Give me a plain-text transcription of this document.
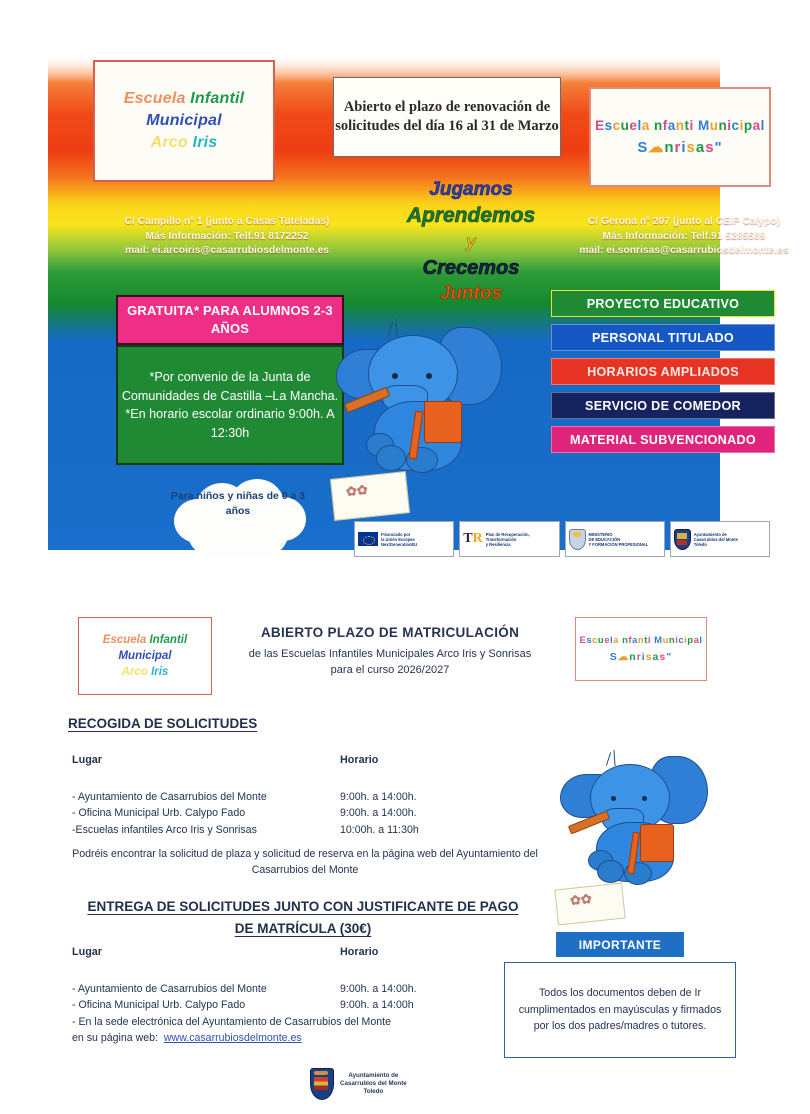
Escuela Infantil
Municipal
Arco Iris

Abierto el plazo de renovación de solicitudes del día 16 al 31 de Marzo	Escuela nfanti Municipal
S☁nrisas"
C/ Campillo nº 1 (junto a Casas Tuteladas)
Más Información: Telf.91 8172252
mail: ei.arcoiris@casarrubiosdelmonte.es
C/ Gerona nº 207 (junto al CEIP Calypo)
Más Información: Telf.91 5285589
mail: ei.sonrisas@casarrubiosdelmonte.es
Jugamos
Aprendemos
y
Crecemos
Juntos

GRATUITA* PARA ALUMNOS 2-3 AÑOS

*Por convenio de la Junta de Comunidades de Castilla –La Mancha. *En horario escolar ordinario 9:00h. A 12:30h

PROYECTO EDUCATIVO
PERSONAL TITULADO
HORARIOS AMPLIADOS
SERVICIO DE COMEDOR
MATERIAL SUBVENCIONADO
Para niños y niñas de 0 a 3 años
✿✿
Financiado por
la Unión Europea
NextGenerationEU	TR Plan de Recuperación,
Transformación
y Resiliencia
MINISTERIO
DE EDUCACIÓN
Y FORMACIÓN PROFESIONAL
Ayuntamiento de
Casarrubios del Monte
Toledo
Escuela Infantil
Municipal
Arco Iris
Escuela nfanti Municipal
S☁nrisas"
ABIERTO PLAZO DE MATRICULACIÓN
de las Escuelas Infantiles Municipales Arco Iris y Sonrisas
para el curso 2026/2027
RECOGIDA DE SOLICITUDES
Lugar	Horario
- Ayuntamiento de Casarrubios del Monte	9:00h. a 14:00h.
- Oficina Municipal Urb. Calypo Fado	9:00h. a 14:00h.
-Escuelas infantiles Arco Iris y Sonrisas	10:00h. a 11:30h
Podréis encontrar la solicitud de plaza y solicitud de reserva en la página web del Ayuntamiento del Casarrubios del Monte
ENTREGA DE SOLICITUDES JUNTO CON JUSTIFICANTE DE PAGO
DE MATRÍCULA (30€)
Lugar	Horario
- Ayuntamiento de Casarrubios del Monte	9:00h. a 14:00h.
- Oficina Municipal Urb. Calypo Fado	9:00h. a 14:00h
- En la sede electrónica del Ayuntamiento de Casarrubios del Monte
en su página web: www.casarrubiosdelmonte.es
✿✿
IMPORTANTE

Todos los documentos deben de Ir cumplimentados en mayúsculas y firmados por los dos padres/madres o tutores.

Ayuntamiento de
Casarrubios del Monte
Toledo
